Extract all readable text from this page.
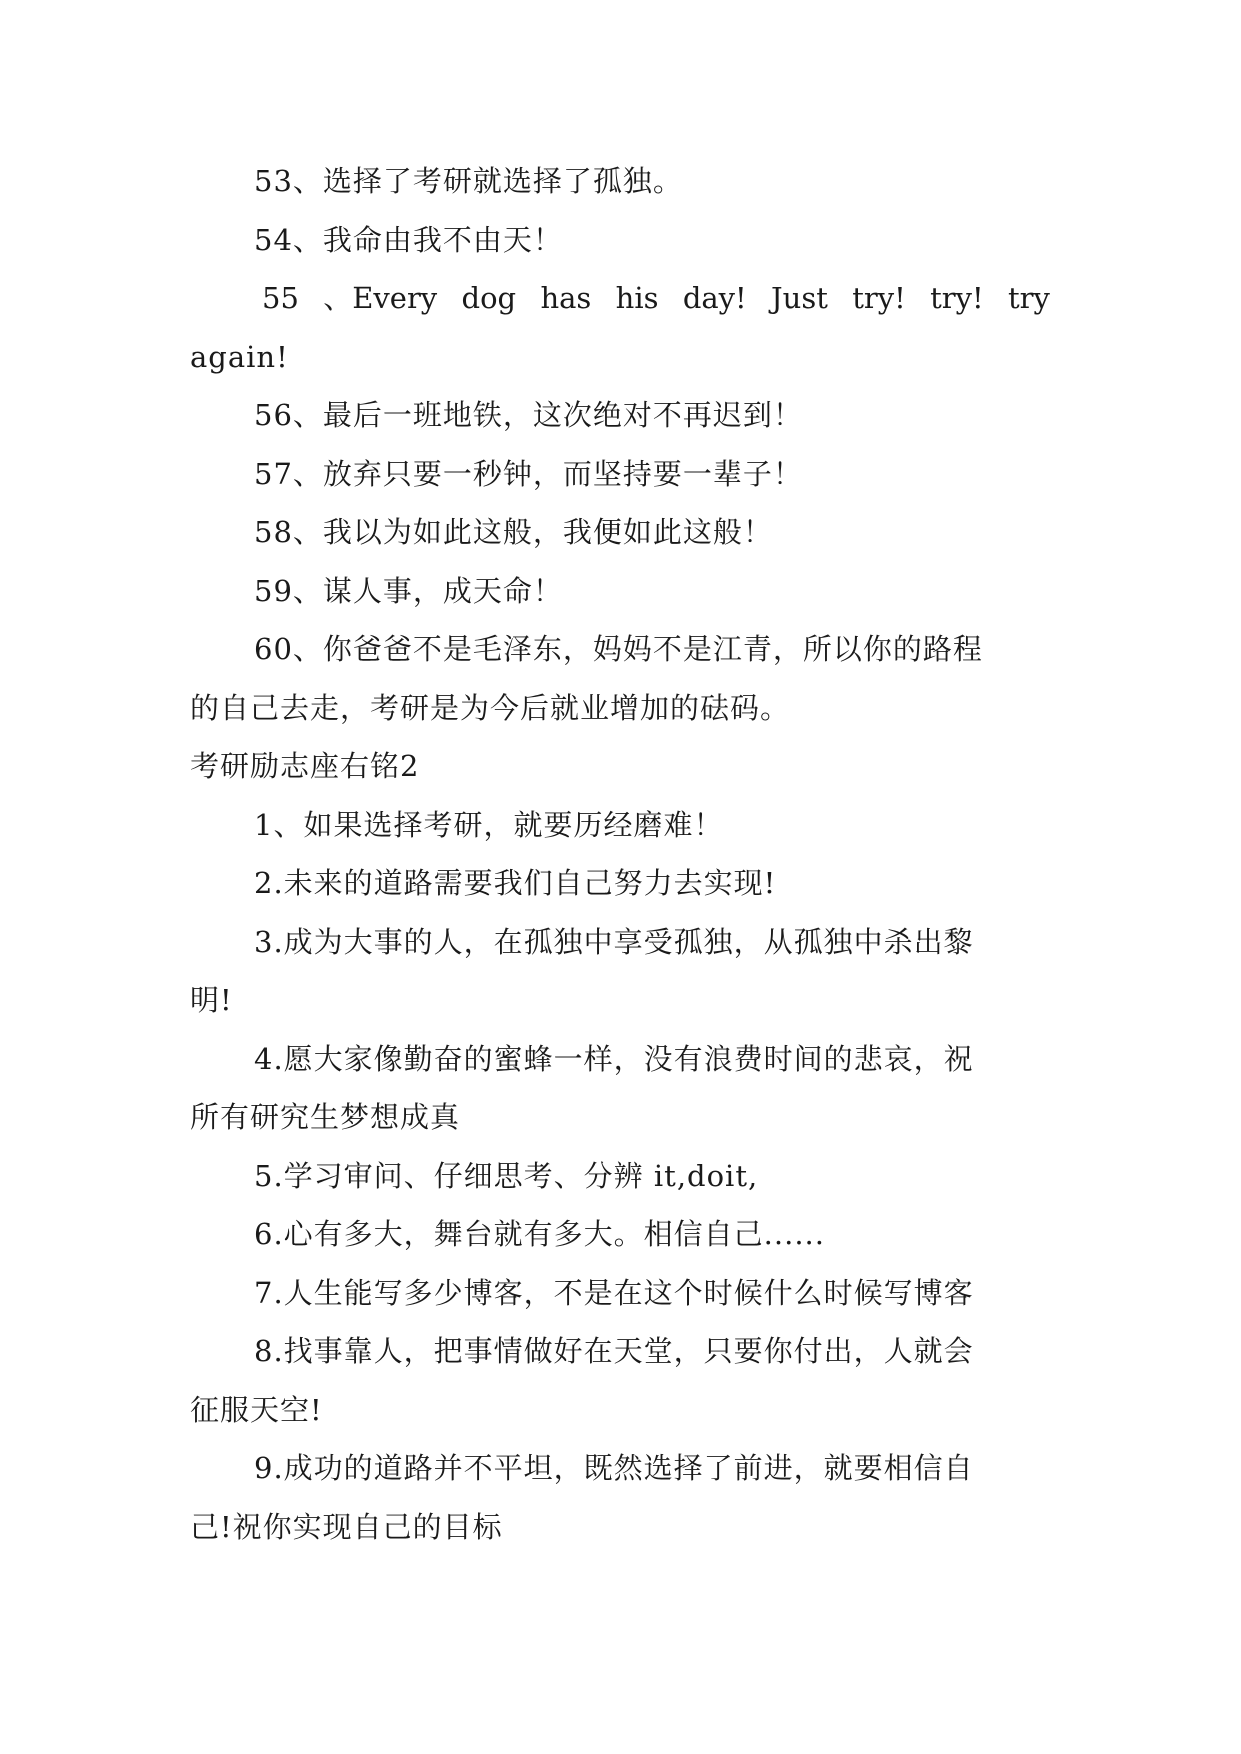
53、选择了考研就选择了孤独。
54、我命由我不由天！
55 、Every dog has his day! Just try! try! try
again!
56、最后一班地铁，这次绝对不再迟到！
57、放弃只要一秒钟，而坚持要一辈子！
58、我以为如此这般，我便如此这般！
59、谋人事，成天命！
60、你爸爸不是毛泽东，妈妈不是江青，所以你的路程
的自己去走，考研是为今后就业增加的砝码。
考研励志座右铭2
1、如果选择考研，就要历经磨难！
2.未来的道路需要我们自己努力去实现!
3.成为大事的人，在孤独中享受孤独，从孤独中杀出黎
明!
4.愿大家像勤奋的蜜蜂一样，没有浪费时间的悲哀，祝
所有研究生梦想成真
5.学习审问、仔细思考、分辨 it,doit,
6.心有多大，舞台就有多大。相信自己......
7.人生能写多少博客，不是在这个时候什么时候写博客
8.找事靠人，把事情做好在天堂，只要你付出，人就会
征服天空!
9.成功的道路并不平坦，既然选择了前进，就要相信自
己!祝你实现自己的目标
